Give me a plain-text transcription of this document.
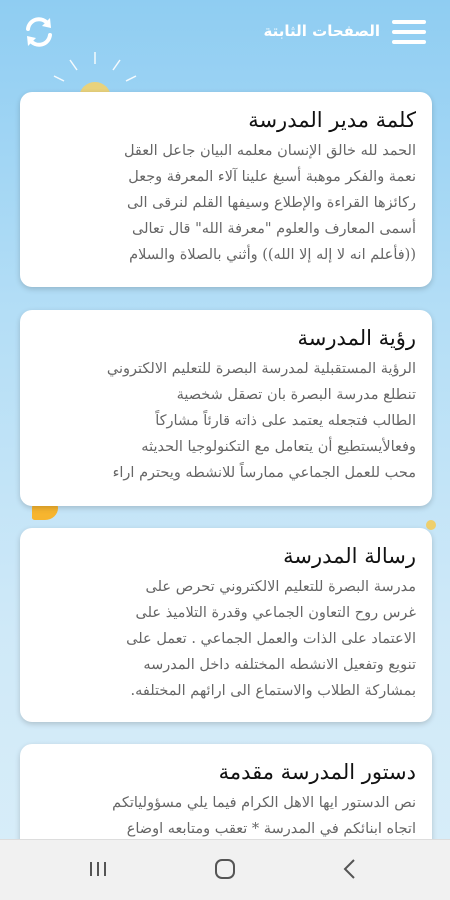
الصفحات الثابتة
كلمة مدير المدرسة

الحمد لله خالق الإنسان معلمه البيان جاعل العقل
نعمة والفكر موهبة أسبغ علينا آلاء المعرفة وجعل
ركائزها القراءة والإطلاع وسيفها القلم لنرقى الى
أسمى المعارف والعلوم "معرفة الله" قال تعالى
((فأعلم انه لا إله إلا الله)) وأثني بالصلاة والسلام

رؤية المدرسة

الرؤية المستقبلية لمدرسة البصرة للتعليم الالكتروني
تنطلع مدرسة البصرة بان تصقل شخصية
الطالب فتجعله يعتمد على ذاته قارئاً مشاركاً
وفعالأيستطيع أن يتعامل مع التكنولوجيا الحديثه
محب للعمل الجماعي ممارساً للانشطه ويحترم اراء

رسالة المدرسة

مدرسة البصرة للتعليم الالكتروني تحرص على
غرس روح التعاون الجماعي وقدرة التلاميذ على
الاعتماد على الذات والعمل الجماعي . تعمل على
تنويع وتفعيل الانشطه المختلفه داخل المدرسه
بمشاركة الطلاب والاستماع الى ارائهم المختلفه.

دستور المدرسة مقدمة

نص الدستور ايها الاهل الكرام فيما يلي مسؤولياتكم
اتجاه ابنائكم في المدرسة * تعقب ومتابعه اوضاع
